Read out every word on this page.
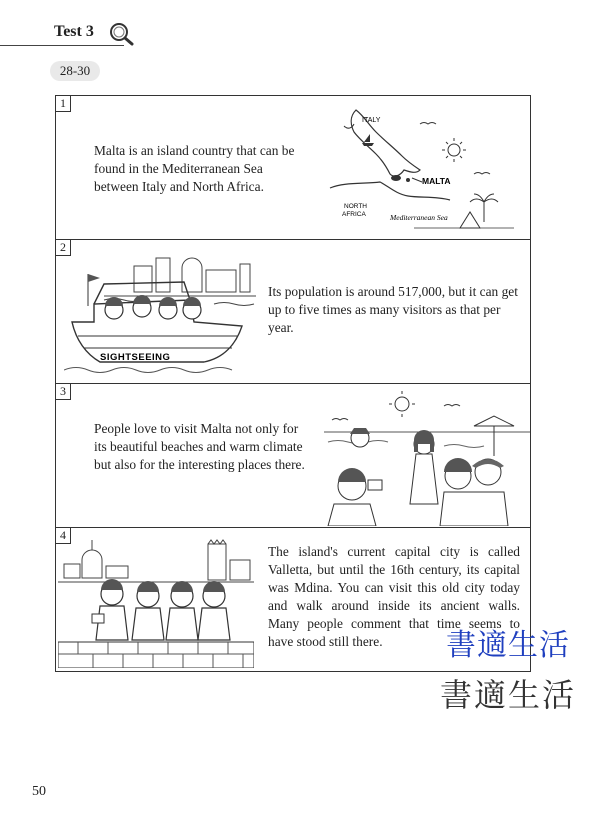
Test 3
28-30
1
Malta is an island country that can be found in the Mediterranean Sea between Italy and North Africa.
ITALY
MALTA
NORTH
AFRICA	Mediterranean Sea
2
SIGHTSEEING
Its population is around 517,000, but it can get up to five times as many visitors as that per year.
3
People love to visit Malta not only for its beautiful beaches and warm climate but also for the interesting places there.
4
The island's current capital city is called Valletta, but until the 16th century, its capital was Mdina. You can visit this old city today and walk around inside its ancient walls. Many people comment that time seems to have stood still there.	書適生活
書適生活
50
